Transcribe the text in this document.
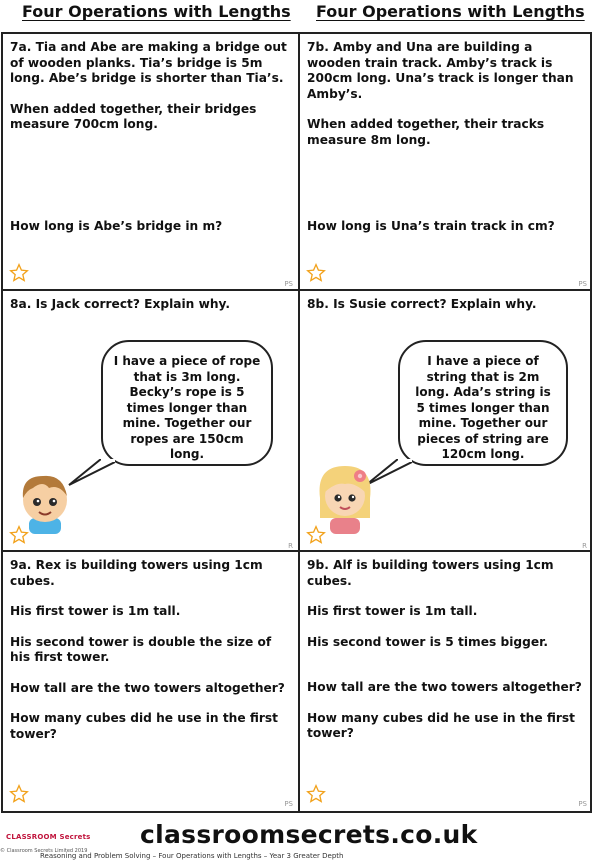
Four Operations with Lengths Four Operations with Lengths

7a. Tia and Abe are making a bridge out of wooden planks. Tia’s bridge is 5m long. Abe’s bridge is shorter than Tia’s.

When added together, their bridges measure 700cm long.

How long is Abe’s bridge in m?

PS

7b. Amby and Una are building a wooden train track. Amby’s track is 200cm long. Una’s track is longer than Amby’s.

When added together, their tracks measure 8m long.

How long is Una’s train track in cm?

PS

8a. Is Jack correct? Explain why.

I have a piece of rope that is 3m long. Becky’s rope is 5 times longer than mine. Together our ropes are 150cm long.
R

8b. Is Susie correct? Explain why.

I have a piece of string that is 2m long. Ada’s string is 5 times longer than mine. Together our pieces of string are 120cm long.
R

9a. Rex is building towers using 1cm cubes.

His first tower is 1m tall.

His second tower is double the size of his first tower.

How tall are the two towers altogether?

How many cubes did he use in the first tower?

PS

9b. Alf is building towers using 1cm cubes.

His first tower is 1m tall.

His second tower is 5 times bigger.

How tall are the two towers altogether?

How many cubes did he use in the first tower?

PS
CLASSROOM Secrets classroomsecrets.co.uk
© Classroom Secrets Limited 2019
Reasoning and Problem Solving – Four Operations with Lengths – Year 3 Greater Depth
